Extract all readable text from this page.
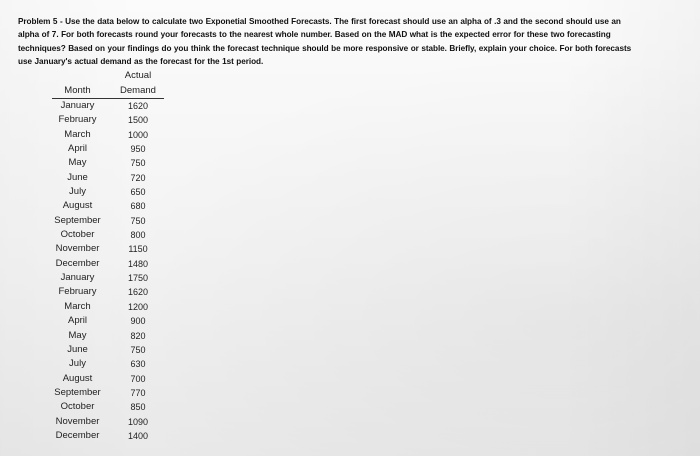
Problem 5 - Use the data below to calculate two Exponetial Smoothed Forecasts. The first forecast should use an alpha of .3 and the second should use an
alpha of 7. For both forecasts round your forecasts to the nearest whole number. Based on the MAD what is the expected error for these two forecasting
techniques? Based on your findings do you think the forecast technique should be more responsive or stable. Briefly, explain your choice. For both forecasts
use January's actual demand as the forecast for the 1st period.
Actual
Month	Demand
January	1620
February	1500
March	1000
April	950
May	750
June	720
July	650
August	680
September	750
October	800
November	1150
December	1480
January	1750
February	1620
March	1200
April	900
May	820
June	750
July	630
August	700
September	770
October	850
November	1090
December	1400
